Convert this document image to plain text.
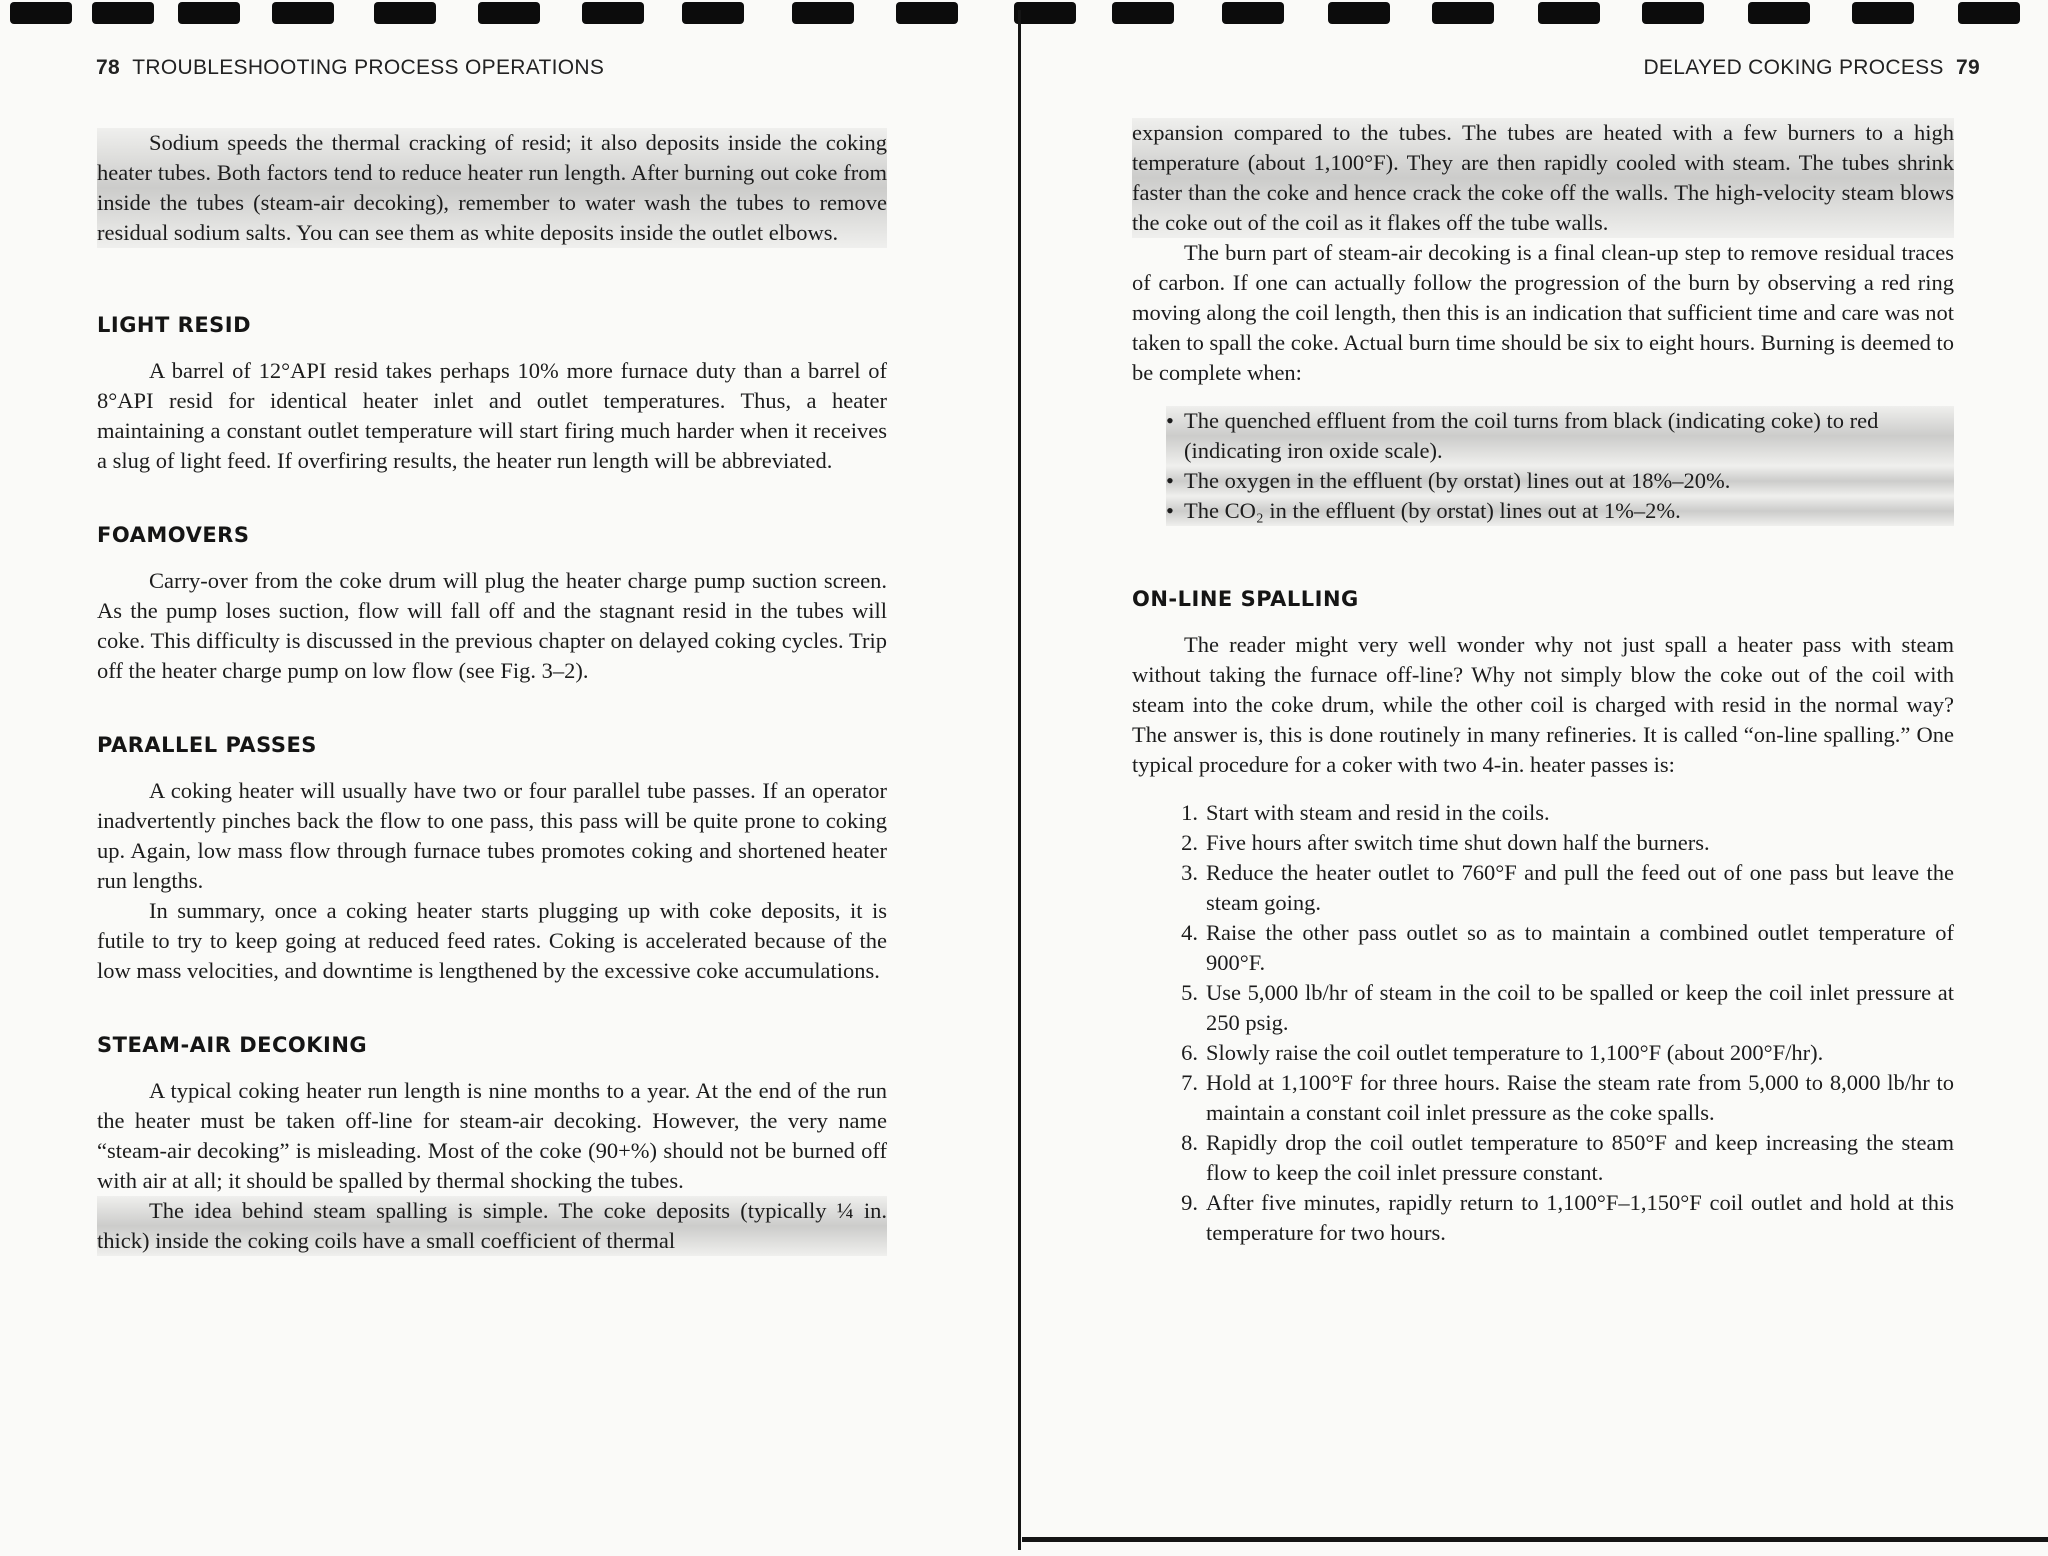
78 TROUBLESHOOTING PROCESS OPERATIONS

Sodium speeds the thermal cracking of resid; it also deposits inside the coking heater tubes. Both factors tend to reduce heater run length. After burning out coke from inside the tubes (steam-air decoking), remember to water wash the tubes to remove residual sodium salts. You can see them as white deposits inside the outlet elbows.

LIGHT RESID

A barrel of 12°API resid takes perhaps 10% more furnace duty than a barrel of 8°API resid for identical heater inlet and outlet temperatures. Thus, a heater maintaining a constant outlet temperature will start firing much harder when it receives a slug of light feed. If overfiring results, the heater run length will be abbreviated.

FOAMOVERS

Carry-over from the coke drum will plug the heater charge pump suction screen. As the pump loses suction, flow will fall off and the stagnant resid in the tubes will coke. This difficulty is discussed in the previous chapter on delayed coking cycles. Trip off the heater charge pump on low flow (see Fig. 3–2).

PARALLEL PASSES

A coking heater will usually have two or four parallel tube passes. If an operator inadvertently pinches back the flow to one pass, this pass will be quite prone to coking up. Again, low mass flow through furnace tubes promotes coking and shortened heater run lengths.

In summary, once a coking heater starts plugging up with coke deposits, it is futile to try to keep going at reduced feed rates. Coking is accelerated because of the low mass velocities, and downtime is lengthened by the excessive coke accumulations.

STEAM-AIR DECOKING

A typical coking heater run length is nine months to a year. At the end of the run the heater must be taken off-line for steam-air decoking. However, the very name “steam-air decoking” is misleading. Most of the coke (90+%) should not be burned off with air at all; it should be spalled by thermal shocking the tubes.

The idea behind steam spalling is simple. The coke deposits (typically ¼ in. thick) inside the coking coils have a small coefficient of thermal

DELAYED COKING PROCESS 79

expansion compared to the tubes. The tubes are heated with a few burners to a high temperature (about 1,100°F). They are then rapidly cooled with steam. The tubes shrink faster than the coke and hence crack the coke off the walls. The high-velocity steam blows the coke out of the coil as it flakes off the tube walls.

The burn part of steam-air decoking is a final clean-up step to remove residual traces of carbon. If one can actually follow the progression of the burn by observing a red ring moving along the coil length, then this is an indication that sufficient time and care was not taken to spall the coke. Actual burn time should be six to eight hours. Burning is deemed to be complete when:

• The quenched effluent from the coil turns from black (indicating coke) to red (indicating iron oxide scale).
• The oxygen in the effluent (by orstat) lines out at 18%–20%.
• The CO₂ in the effluent (by orstat) lines out at 1%–2%.
ON-LINE SPALLING

The reader might very well wonder why not just spall a heater pass with steam without taking the furnace off-line? Why not simply blow the coke out of the coil with steam into the coke drum, while the other coil is charged with resid in the normal way? The answer is, this is done routinely in many refineries. It is called “on-line spalling.” One typical procedure for a coker with two 4-in. heater passes is:

1. Start with steam and resid in the coils.
2. Five hours after switch time shut down half the burners.
3. Reduce the heater outlet to 760°F and pull the feed out of one pass but leave the steam going.
4. Raise the other pass outlet so as to maintain a combined outlet temperature of 900°F.
5. Use 5,000 lb/hr of steam in the coil to be spalled or keep the coil inlet pressure at 250 psig.
6. Slowly raise the coil outlet temperature to 1,100°F (about 200°F/hr).
7. Hold at 1,100°F for three hours. Raise the steam rate from 5,000 to 8,000 lb/hr to maintain a constant coil inlet pressure as the coke spalls.
8. Rapidly drop the coil outlet temperature to 850°F and keep increasing the steam flow to keep the coil inlet pressure constant.
9. After five minutes, rapidly return to 1,100°F–1,150°F coil outlet and hold at this temperature for two hours.
